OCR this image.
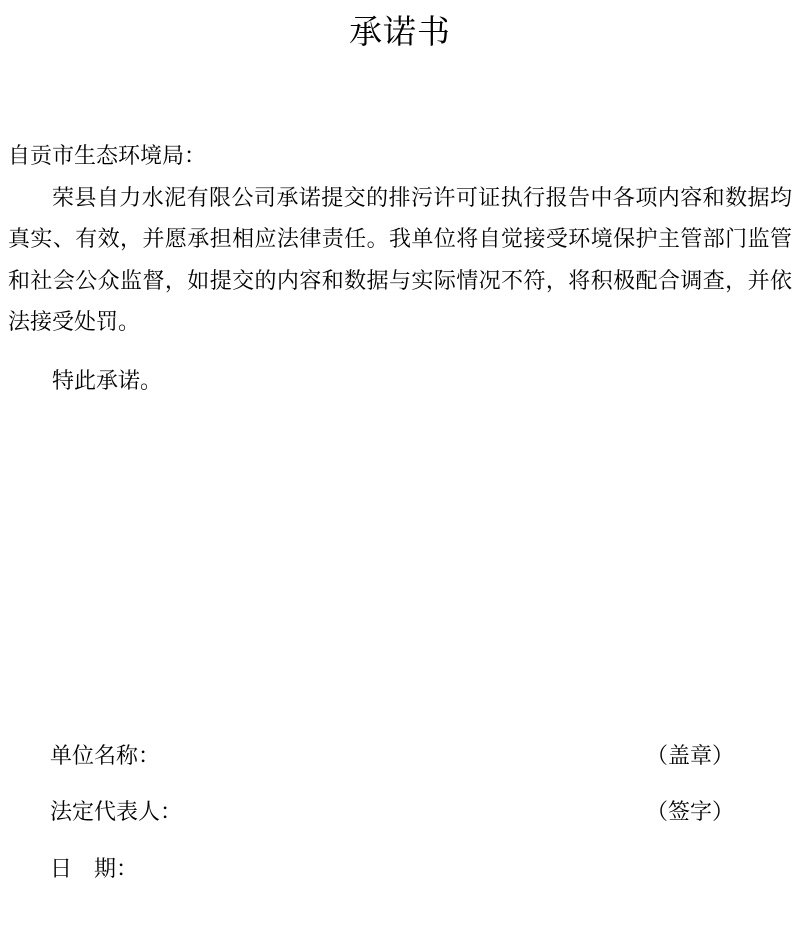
承诺书
自贡市生态环境局：

荣县自力水泥有限公司承诺提交的排污许可证执行报告中各项内容和数据均真实、有效，并愿承担相应法律责任。我单位将自觉接受环境保护主管部门监管和社会公众监督，如提交的内容和数据与实际情况不符，将积极配合调查，并依法接受处罚。

特此承诺。
单位名称：	（盖章）
法定代表人：	（签字）
日　期：
